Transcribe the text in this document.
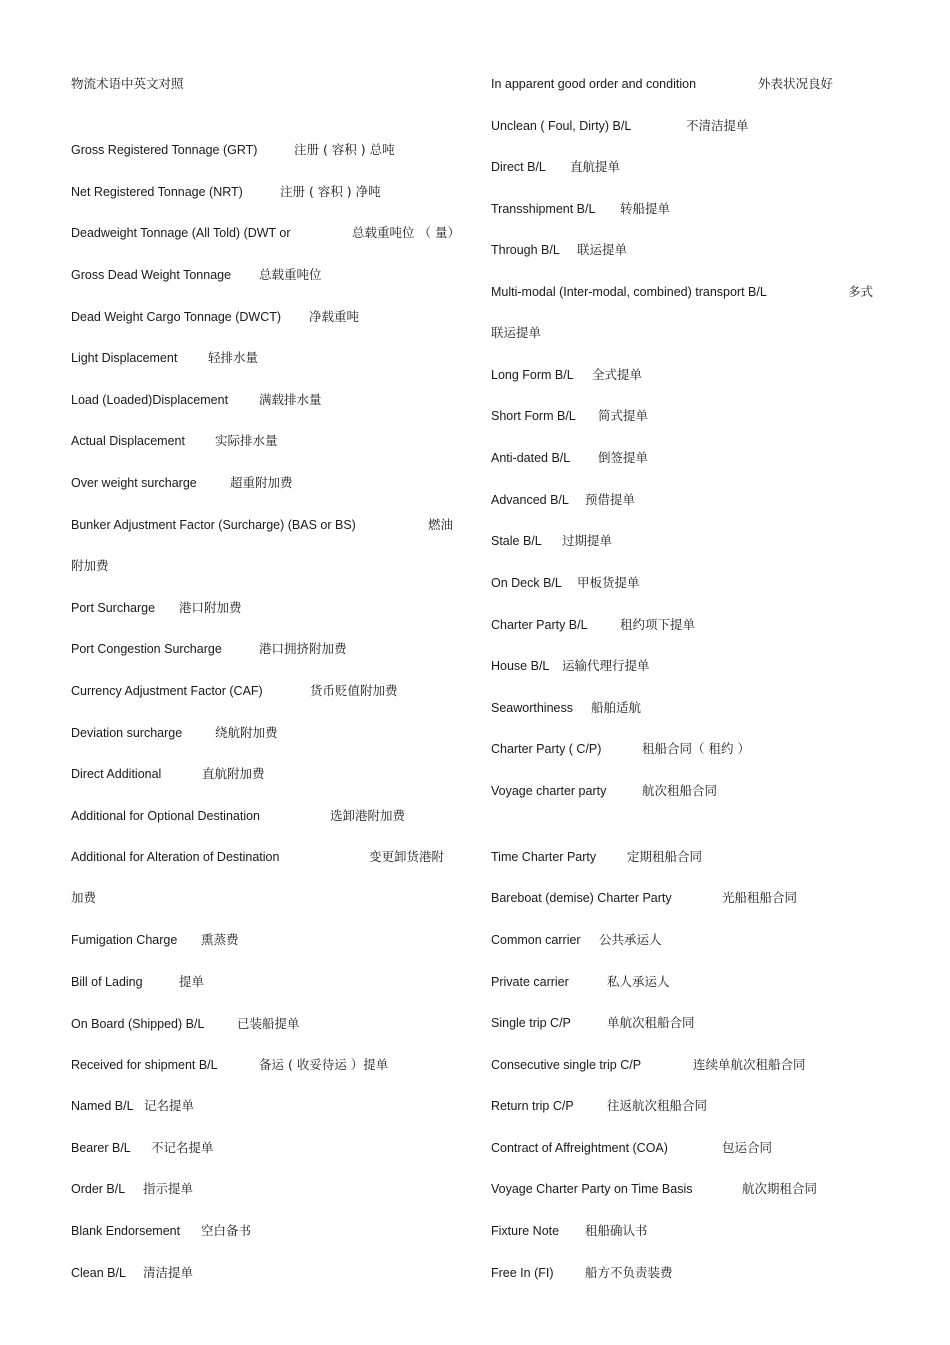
物流术语中英文对照
Gross Registered Tonnage (GRT)	注册 ( 容积 ) 总吨
Net Registered Tonnage (NRT)	注册 ( 容积 ) 净吨
Deadweight Tonnage (All Told) (DWT or	总载重吨位 （ 量）
Gross Dead Weight Tonnage 总载重吨位
Dead Weight Cargo Tonnage (DWCT) 净载重吨
Light Displacement 轻排水量
Load (Loaded)Displacement 满载排水量
Actual Displacement 实际排水量
Over weight surcharge	超重附加费
Bunker Adjustment Factor (Surcharge) (BAS or BS)	燃油
附加费
Port Surcharge 港口附加费
Port Congestion Surcharge	港口拥挤附加费
Currency Adjustment Factor (CAF)	货币贬值附加费
Deviation surcharge	绕航附加费
Direct Additional	直航附加费
Additional for Optional Destination	选卸港附加费
Additional for Alteration of Destination	变更卸货港附
加费
Fumigation Charge 熏蒸费
Bill of Lading	提单
On Board (Shipped) B/L	已装船提单
Received for shipment B/L	备运 ( 收妥待运 ）提单
Named B/L 记名提单
Bearer B/L 不记名提单
Order B/L 指示提单
Blank Endorsement 空白备书
Clean B/L 清洁提单
In apparent good order and condition	外表状况良好
Unclean ( Foul, Dirty) B/L	不清洁提单
Direct B/L 直航提单
Transshipment B/L 转船提单
Through B/L 联运提单
Multi-modal (Inter-modal, combined) transport B/L	多式
联运提单
Long Form B/L 全式提单
Short Form B/L 简式提单
Anti-dated B/L 倒签提单
Advanced B/L 预借提单
Stale B/L 过期提单
On Deck B/L 甲板货提单
Charter Party B/L	租约项下提单
House B/L 运输代理行提单
Seaworthiness 船舶适航
Charter Party ( C/P)	租船合同（ 租约 ）
Voyage charter party	航次租船合同
Time Charter Party 定期租船合同
Bareboat (demise) Charter Party	光船租船合同
Common carrier 公共承运人
Private carrier	私人承运人
Single trip C/P	单航次租船合同
Consecutive single trip C/P	连续单航次租船合同
Return trip C/P	往返航次租船合同
Contract of Affreightment (COA)	包运合同
Voyage Charter Party on Time Basis	航次期租合同
Fixture Note 租船确认书
Free In (FI)	船方不负责装费
